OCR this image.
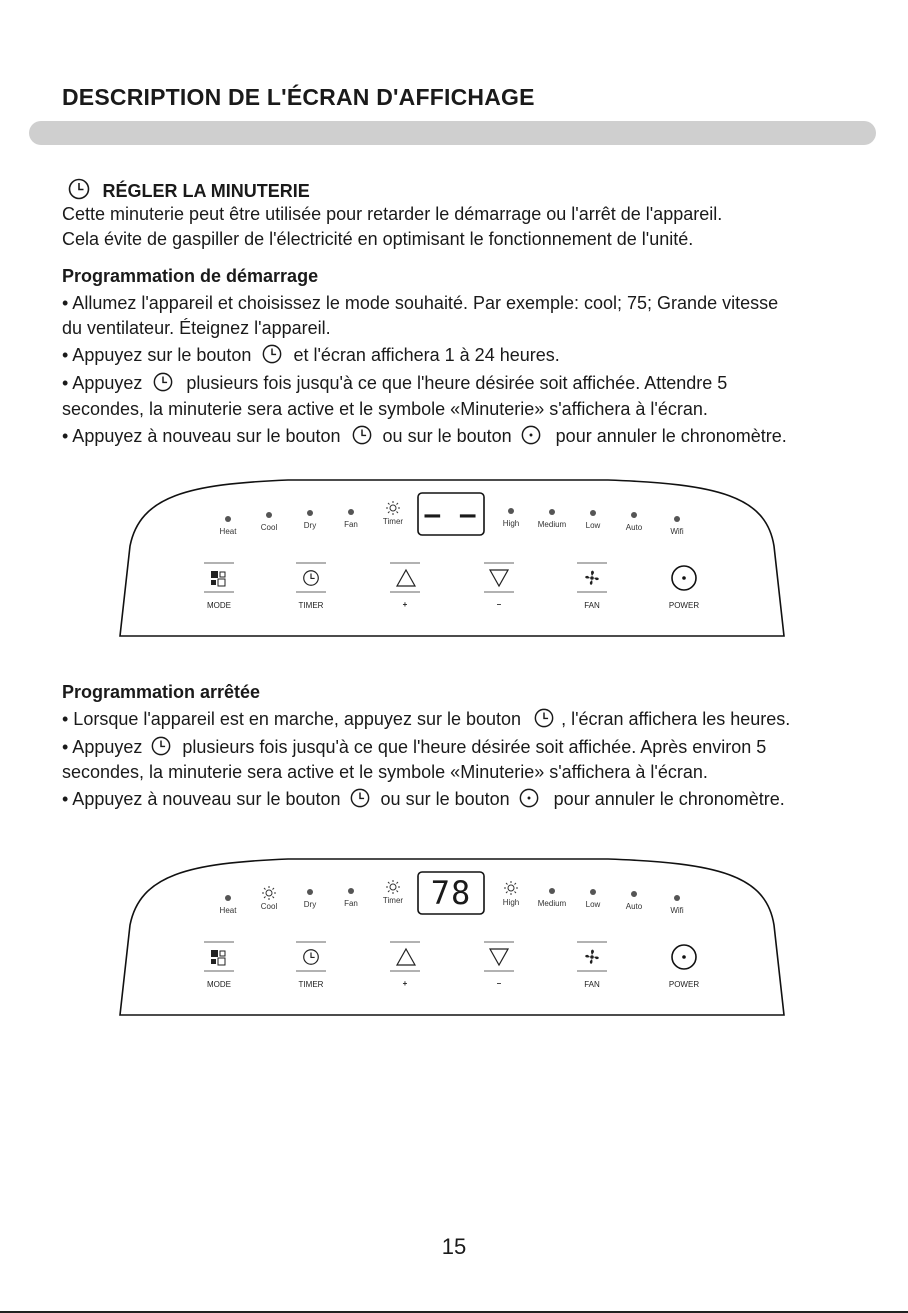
DESCRIPTION DE L'ÉCRAN D'AFFICHAGE
RÉGLER LA MINUTERIE
Cette minuterie peut être utilisée pour retarder le démarrage ou l'arrêt de l'appareil.
Cela évite de gaspiller de l'électricité en optimisant le fonctionnement de l'unité.
Programmation de démarrage
• Allumez l'appareil et choisissez le mode souhaité. Par exemple: cool; 75; Grande vitesse
du ventilateur. Éteignez l'appareil.
• Appuyez sur le bouton et l'écran affichera 1 à 24 heures.
• Appuyez plusieurs fois jusqu'à ce que l'heure désirée soit affichée. Attendre 5
secondes, la minuterie sera active et le symbole «Minuterie» s'affichera à l'écran.
• Appuyez à nouveau sur le bouton ou sur le bouton pour annuler le chronomètre.
– –
Heat	Cool	Dry	Fan	Timer	High	Medium	Low	Auto	Wifi
MODE	TIMER	+	–	FAN	POWER
Programmation arrêtée
• Lorsque l'appareil est en marche, appuyez sur le bouton , l'écran affichera les heures.
• Appuyez plusieurs fois jusqu'à ce que l'heure désirée soit affichée. Après environ 5
secondes, la minuterie sera active et le symbole «Minuterie» s'affichera à l'écran.
• Appuyez à nouveau sur le bouton ou sur le bouton pour annuler le chronomètre.
78
Heat	Cool	Dry	Fan	Timer	High	Medium	Low	Auto	Wifi
MODE	TIMER	+	–	FAN	POWER
15
